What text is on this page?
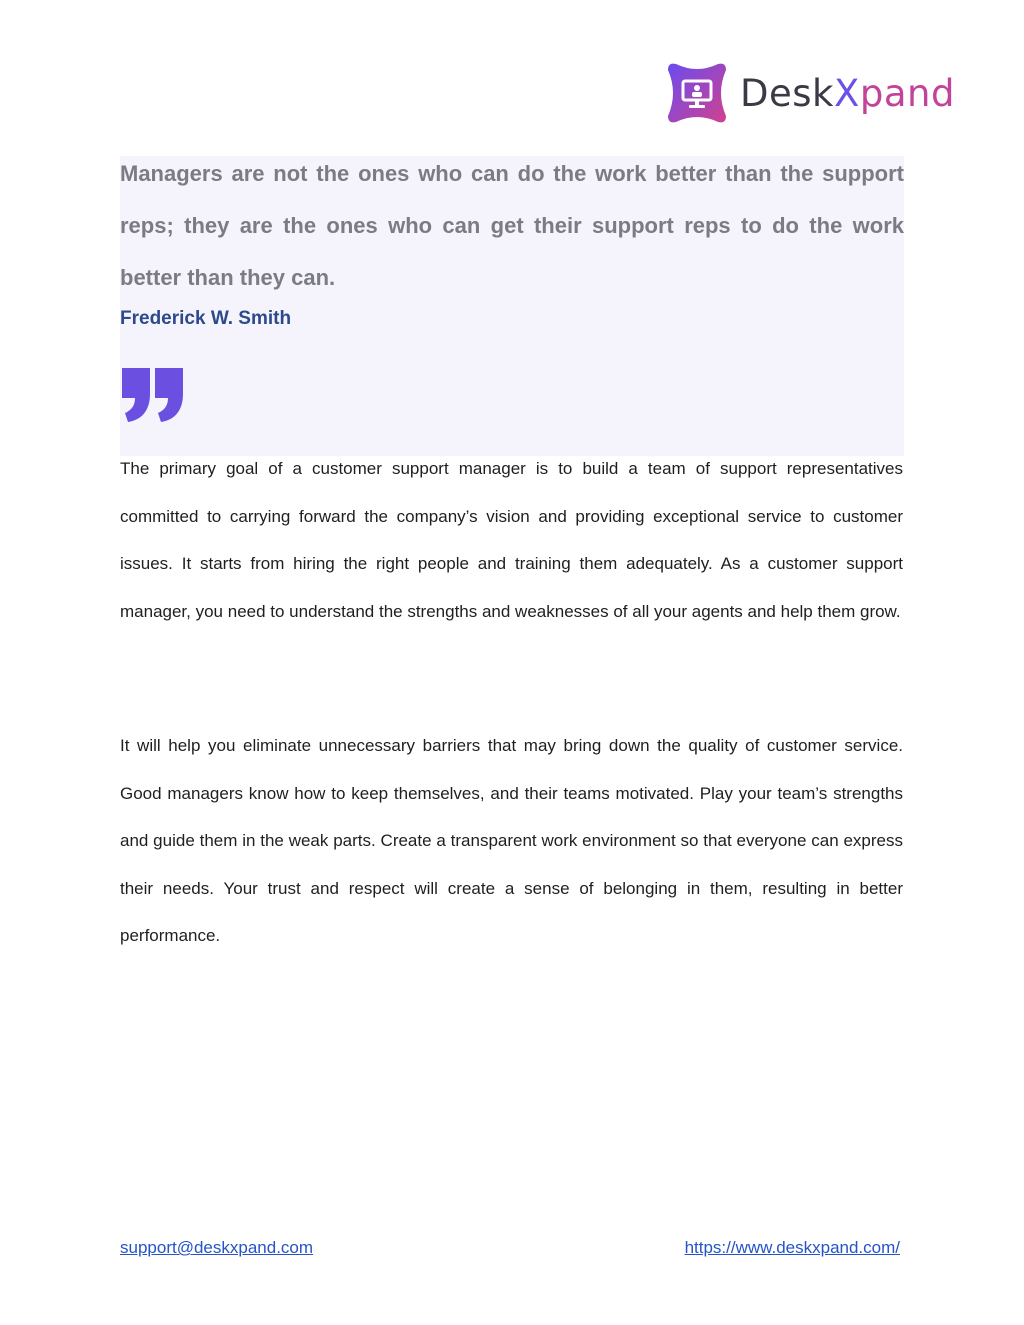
DeskXpand

Managers are not the ones who can do the work better than the support reps; they are the ones who can get their support reps to do the work better than they can.

Frederick W. Smith

The primary goal of a customer support manager is to build a team of support representatives committed to carrying forward the company’s vision and providing exceptional service to customer issues. It starts from hiring the right people and training them adequately. As a customer support manager, you need to understand the strengths and weaknesses of all your agents and help them grow.

It will help you eliminate unnecessary barriers that may bring down the quality of customer service. Good managers know how to keep themselves, and their teams motivated. Play your team’s strengths and guide them in the weak parts. Create a transparent work environment so that everyone can express their needs. Your trust and respect will create a sense of belonging in them, resulting in better performance.

support@deskxpand.com	https://www.deskxpand.com/
